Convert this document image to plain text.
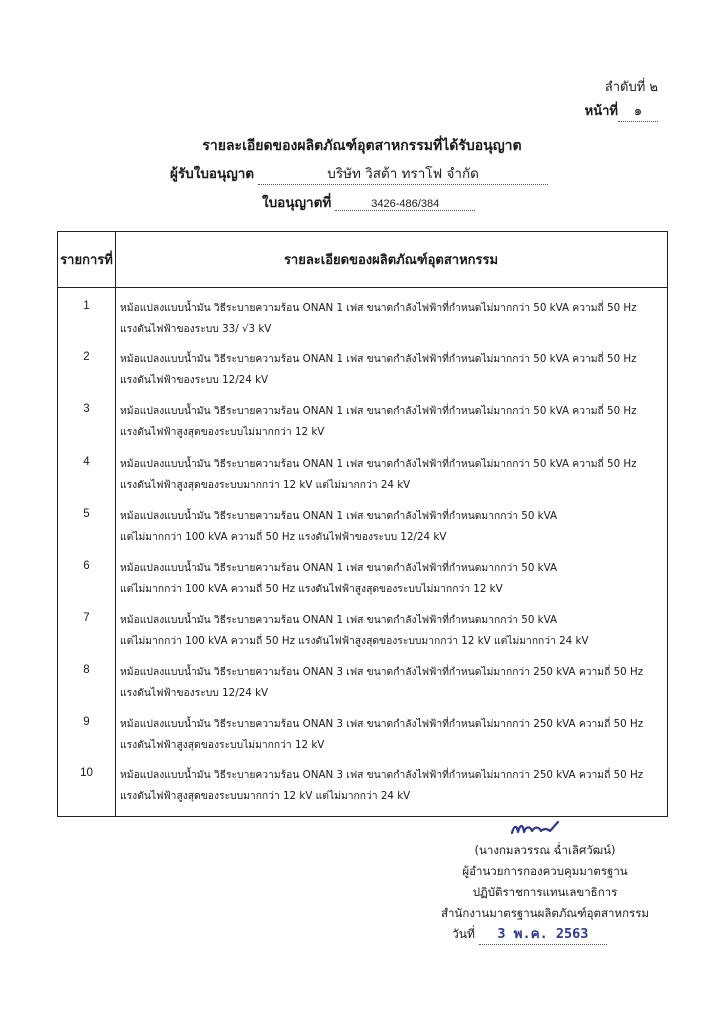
ลำดับที่ ๒
หน้าที่ ๑
รายละเอียดของผลิตภัณฑ์อุตสาหกรรมที่ได้รับอนุญาต
ผู้รับใบอนุญาต	บริษัท วิสต้า ทราโฟ จำกัด
ใบอนุญาตที่	3426-486/384
รายการที่	รายละเอียดของผลิตภัณฑ์อุตสาหกรรม
1	หม้อแปลงแบบน้ำมัน วิธีระบายความร้อน ONAN 1 เฟส ขนาดกำลังไฟฟ้าที่กำหนดไม่มากกว่า 50 kVA ความถี่ 50 Hz
แรงดันไฟฟ้าของระบบ 33/ √3 kV
2	หม้อแปลงแบบน้ำมัน วิธีระบายความร้อน ONAN 1 เฟส ขนาดกำลังไฟฟ้าที่กำหนดไม่มากกว่า 50 kVA ความถี่ 50 Hz
แรงดันไฟฟ้าของระบบ 12/24 kV
3	หม้อแปลงแบบน้ำมัน วิธีระบายความร้อน ONAN 1 เฟส ขนาดกำลังไฟฟ้าที่กำหนดไม่มากกว่า 50 kVA ความถี่ 50 Hz
แรงดันไฟฟ้าสูงสุดของระบบไม่มากกว่า 12 kV
4	หม้อแปลงแบบน้ำมัน วิธีระบายความร้อน ONAN 1 เฟส ขนาดกำลังไฟฟ้าที่กำหนดไม่มากกว่า 50 kVA ความถี่ 50 Hz
แรงดันไฟฟ้าสูงสุดของระบบมากกว่า 12 kV แต่ไม่มากกว่า 24 kV
5	หม้อแปลงแบบน้ำมัน วิธีระบายความร้อน ONAN 1 เฟส ขนาดกำลังไฟฟ้าที่กำหนดมากกว่า 50 kVA
แต่ไม่มากกว่า 100 kVA ความถี่ 50 Hz แรงดันไฟฟ้าของระบบ 12/24 kV
6	หม้อแปลงแบบน้ำมัน วิธีระบายความร้อน ONAN 1 เฟส ขนาดกำลังไฟฟ้าที่กำหนดมากกว่า 50 kVA
แต่ไม่มากกว่า 100 kVA ความถี่ 50 Hz แรงดันไฟฟ้าสูงสุดของระบบไม่มากกว่า 12 kV
7	หม้อแปลงแบบน้ำมัน วิธีระบายความร้อน ONAN 1 เฟส ขนาดกำลังไฟฟ้าที่กำหนดมากกว่า 50 kVA
แต่ไม่มากกว่า 100 kVA ความถี่ 50 Hz แรงดันไฟฟ้าสูงสุดของระบบมากกว่า 12 kV แต่ไม่มากกว่า 24 kV
8	หม้อแปลงแบบน้ำมัน วิธีระบายความร้อน ONAN 3 เฟส ขนาดกำลังไฟฟ้าที่กำหนดไม่มากกว่า 250 kVA ความถี่ 50 Hz
แรงดันไฟฟ้าของระบบ 12/24 kV
9	หม้อแปลงแบบน้ำมัน วิธีระบายความร้อน ONAN 3 เฟส ขนาดกำลังไฟฟ้าที่กำหนดไม่มากกว่า 250 kVA ความถี่ 50 Hz
แรงดันไฟฟ้าสูงสุดของระบบไม่มากกว่า 12 kV
10	หม้อแปลงแบบน้ำมัน วิธีระบายความร้อน ONAN 3 เฟส ขนาดกำลังไฟฟ้าที่กำหนดไม่มากกว่า 250 kVA ความถี่ 50 Hz
แรงดันไฟฟ้าสูงสุดของระบบมากกว่า 12 kV แต่ไม่มากกว่า 24 kV
(นางกมลวรรณ ฉ่ำเลิศวัฒน์)
ผู้อำนวยการกองควบคุมมาตรฐาน
ปฏิบัติราชการแทนเลขาธิการ
สำนักงานมาตรฐานผลิตภัณฑ์อุตสาหกรรม
วันที่ 3 พ.ค. 2563
